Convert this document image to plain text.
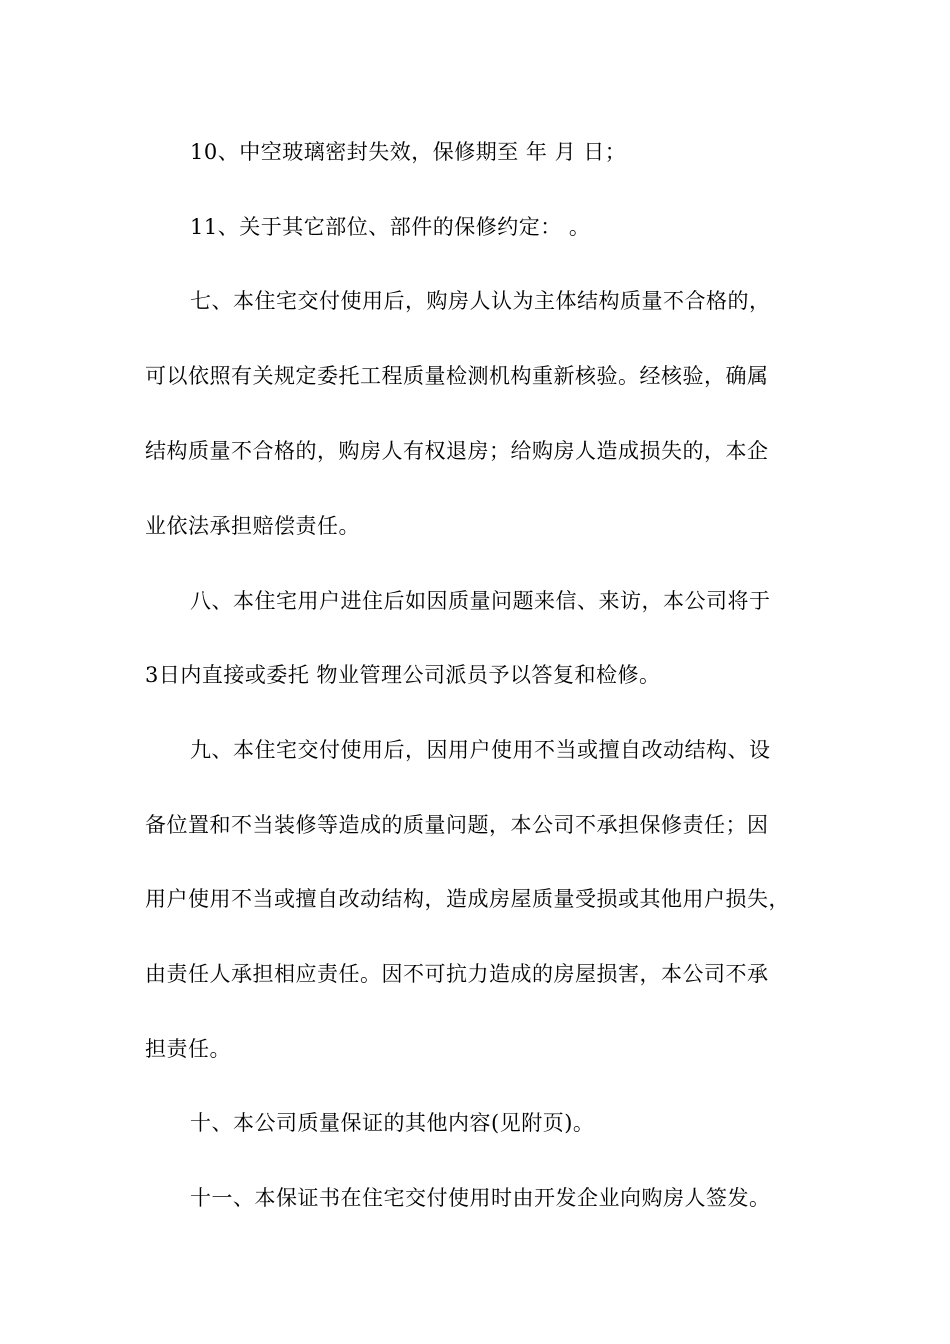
10、中空玻璃密封失效，保修期至 年 月 日；
11、关于其它部位、部件的保修约定： 。
七、本住宅交付使用后，购房人认为主体结构质量不合格的，
可以依照有关规定委托工程质量检测机构重新核验。经核验，确属
结构质量不合格的，购房人有权退房；给购房人造成损失的，本企
业依法承担赔偿责任。
八、本住宅用户进住后如因质量问题来信、来访，本公司将于
3日内直接或委托 物业管理公司派员予以答复和检修。
九、本住宅交付使用后，因用户使用不当或擅自改动结构、设
备位置和不当装修等造成的质量问题，本公司不承担保修责任；因
用户使用不当或擅自改动结构，造成房屋质量受损或其他用户损失，
由责任人承担相应责任。因不可抗力造成的房屋损害，本公司不承
担责任。
十、本公司质量保证的其他内容(见附页)。
十一、本保证书在住宅交付使用时由开发企业向购房人签发。
